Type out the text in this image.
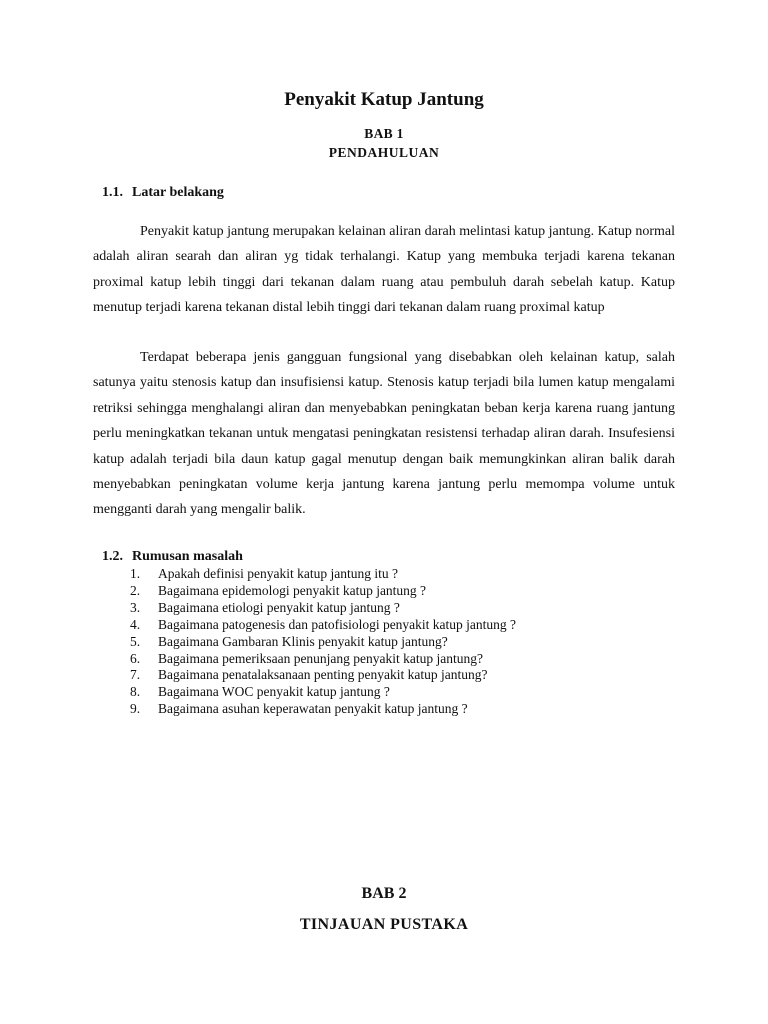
Penyakit Katup Jantung
BAB 1
PENDAHULUAN
1.1. Latar belakang

Penyakit katup jantung merupakan kelainan aliran darah melintasi katup jantung. Katup normal adalah aliran searah dan aliran yg tidak terhalangi. Katup yang membuka terjadi karena tekanan proximal katup lebih tinggi dari tekanan dalam ruang atau pembuluh darah sebelah katup. Katup menutup terjadi karena tekanan distal lebih tinggi dari tekanan dalam ruang proximal katup

Terdapat beberapa jenis gangguan fungsional yang disebabkan oleh kelainan katup, salah satunya yaitu stenosis katup dan insufisiensi katup. Stenosis katup terjadi bila lumen katup mengalami retriksi sehingga menghalangi aliran dan menyebabkan peningkatan beban kerja karena ruang jantung perlu meningkatkan tekanan untuk mengatasi peningkatan resistensi terhadap aliran darah. Insufesiensi katup adalah terjadi bila daun katup gagal menutup dengan baik memungkinkan aliran balik darah menyebabkan peningkatan volume kerja jantung karena jantung perlu memompa volume untuk mengganti darah yang mengalir balik.

1.2. Rumusan masalah
1. Apakah definisi penyakit katup jantung itu ?
2. Bagaimana epidemologi penyakit katup jantung ?
3. Bagaimana etiologi penyakit katup jantung ?
4. Bagaimana patogenesis dan patofisiologi penyakit katup jantung ?
5. Bagaimana Gambaran Klinis penyakit katup jantung?
6. Bagaimana pemeriksaan penunjang penyakit katup jantung?
7. Bagaimana penatalaksanaan penting penyakit katup jantung?
8. Bagaimana WOC penyakit katup jantung ?
9. Bagaimana asuhan keperawatan penyakit katup jantung ?
BAB 2
TINJAUAN PUSTAKA
